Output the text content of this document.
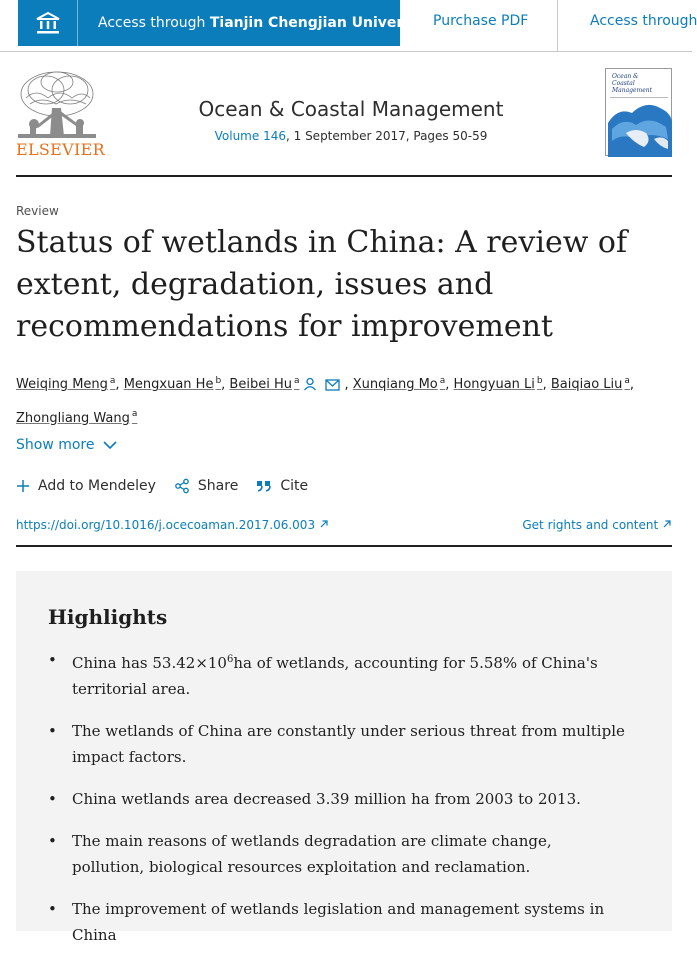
Access through Tianjin Chengjian Univers... Purchase PDF	Access through
ELSEVIER
Ocean & Coastal Management
Volume 146, 1 September 2017, Pages 50-59
Ocean &
Coastal
Management
Review
Status of wetlands in China: A review of extent, degradation, issues and recommendations for improvement
Weiqing Meng $^a$, Mengxuan He $^b$, Beibei Hu $^a$	, Xunqiang Mo $^a$, Hongyuan Li $^b$, Baiqiao Liu $^a$,
Zhongliang Wang $^a$
Show more
Add to Mendeley	Share	Cite
https://doi.org/10.1016/j.ocecoaman.2017.06.003	Get rights and content
Highlights
• China has $53.42\times 10^6ha$ of wetlands, accounting for 5.58% of China's territorial area.
• The wetlands of China are constantly under serious threat from multiple impact factors.
• China wetlands area decreased 3.39 million ha from 2003 to 2013.
• The main reasons of wetlands degradation are climate change, pollution, biological resources exploitation and reclamation.
• The improvement of wetlands legislation and management systems in China
